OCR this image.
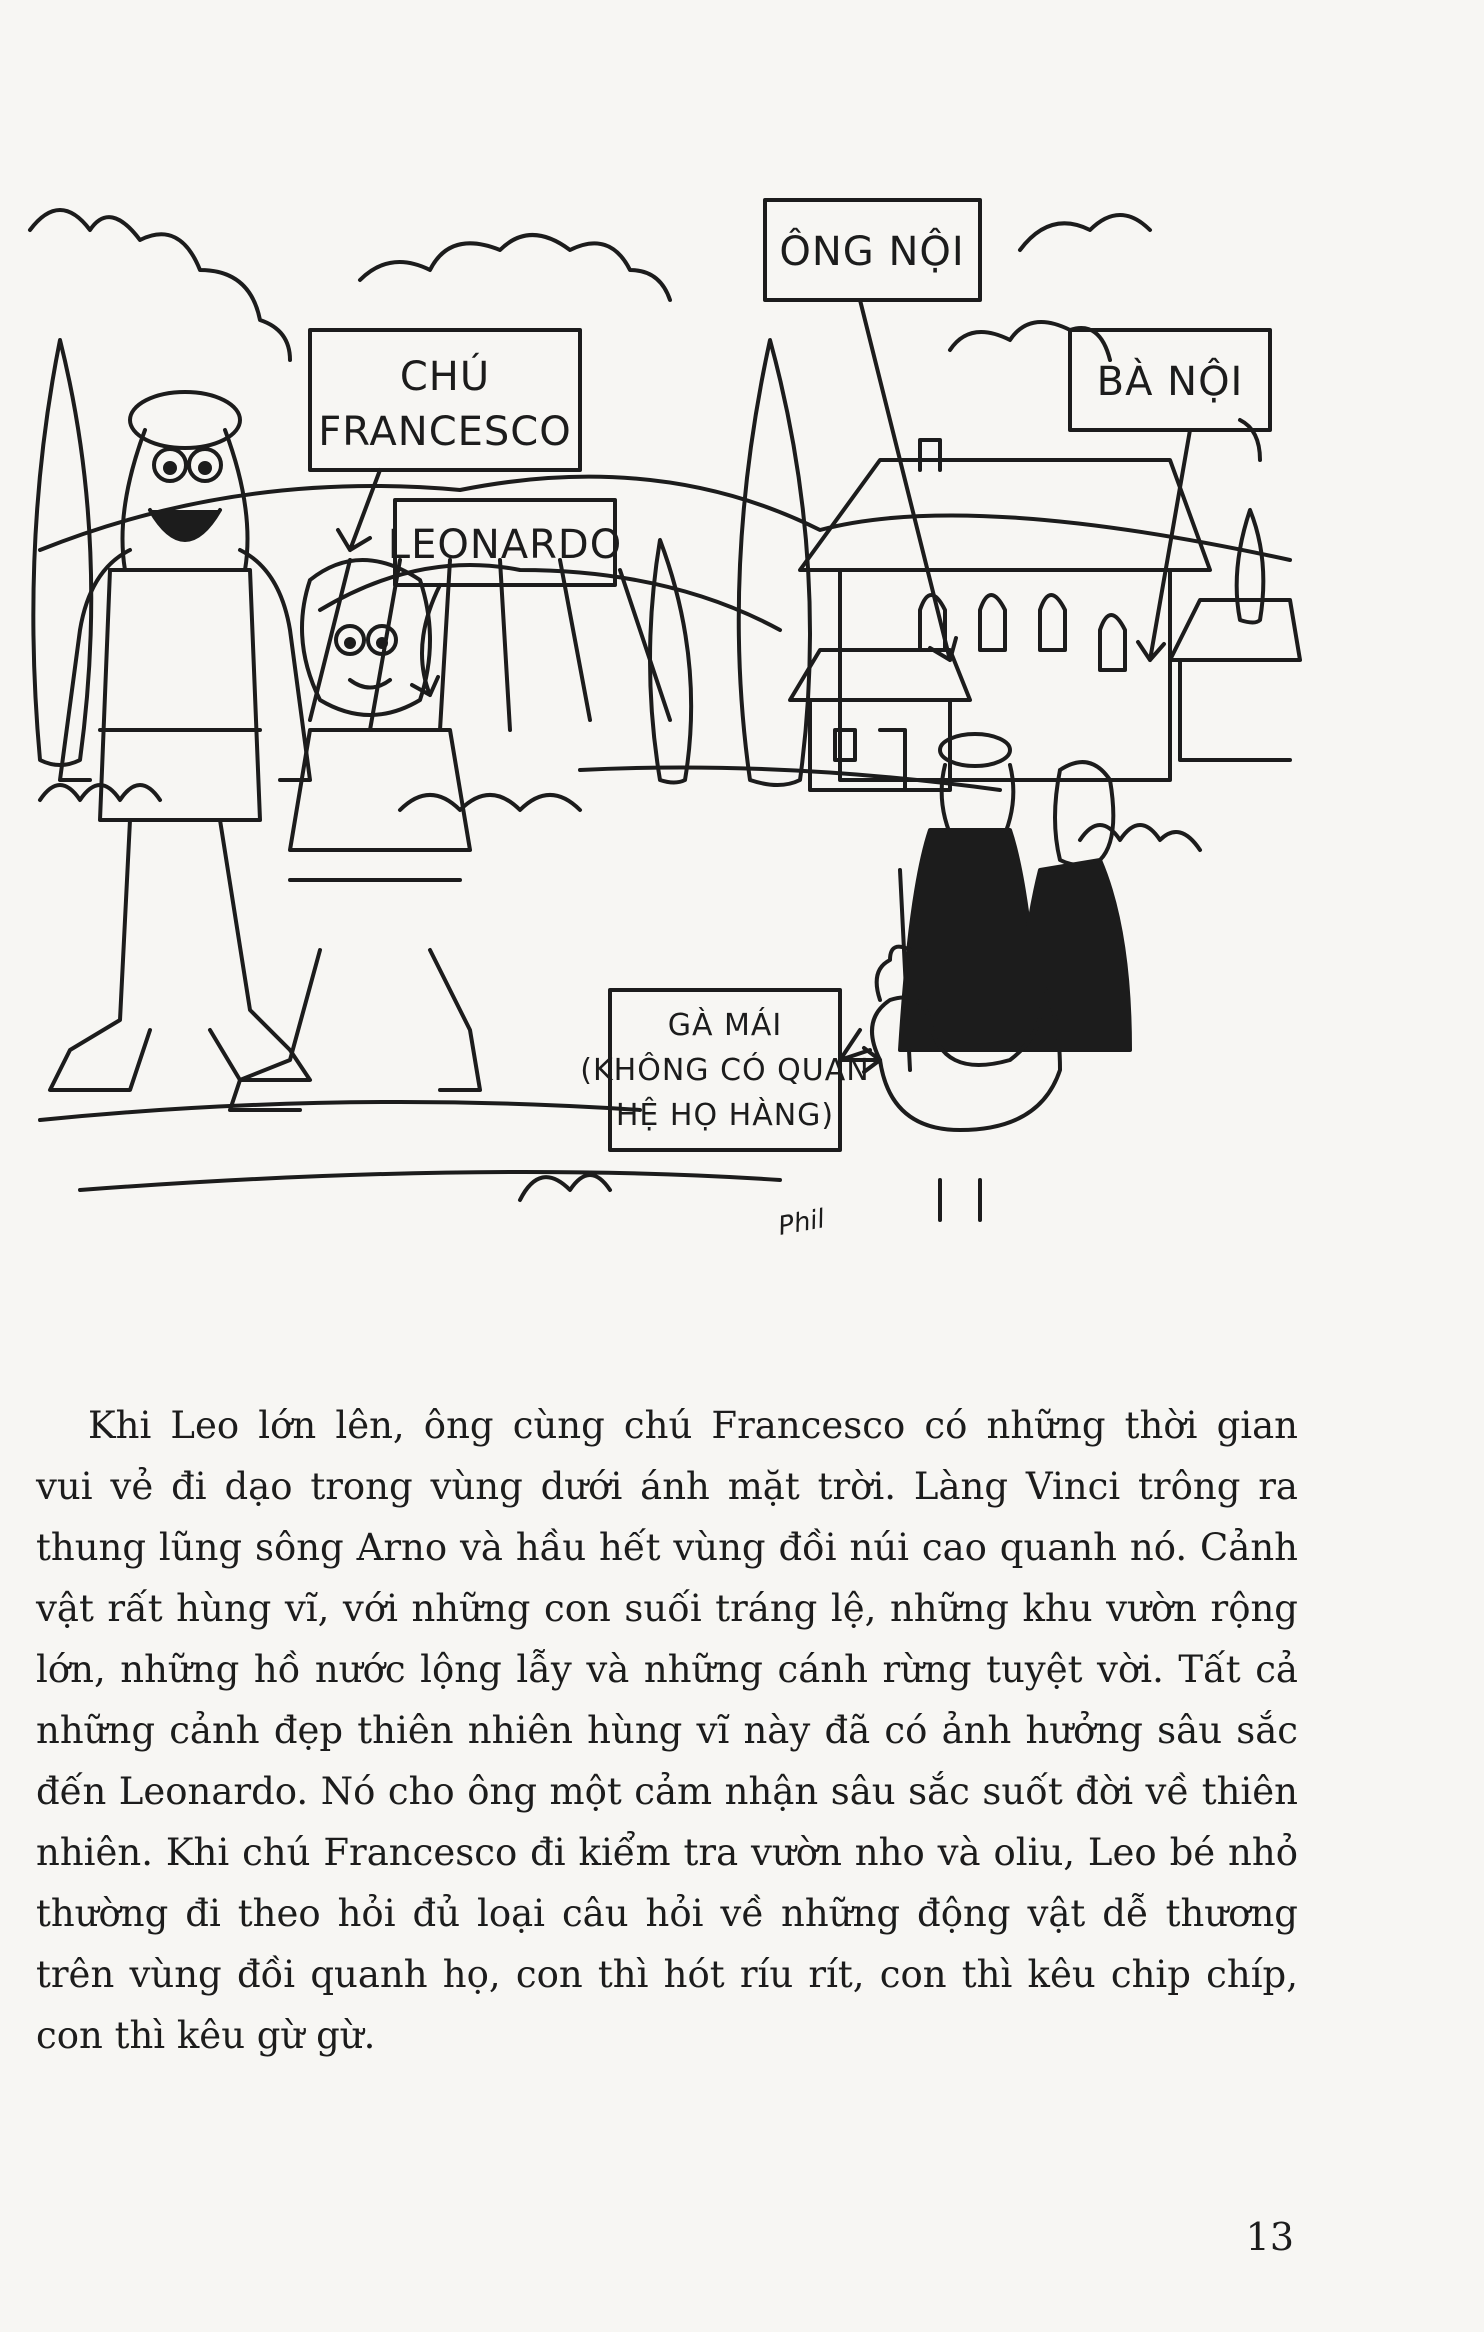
CHÚ
FRANCESCO
LEONARDO
ÔNG NỘI
BÀ NỘI
GÀ MÁI
(KHÔNG CÓ QUAN
HỆ HỌ HÀNG)
Phil

Khi Leo lớn lên, ông cùng chú Francesco có những thời gian
vui vẻ đi dạo trong vùng dưới ánh mặt trời. Làng Vinci trông ra
thung lũng sông Arno và hầu hết vùng đồi núi cao quanh nó. Cảnh
vật rất hùng vĩ, với những con suối tráng lệ, những khu vườn rộng
lớn, những hồ nước lộng lẫy và những cánh rừng tuyệt vời. Tất cả
những cảnh đẹp thiên nhiên hùng vĩ này đã có ảnh hưởng sâu sắc
đến Leonardo. Nó cho ông một cảm nhận sâu sắc suốt đời về thiên
nhiên. Khi chú Francesco đi kiểm tra vườn nho và oliu, Leo bé nhỏ
thường đi theo hỏi đủ loại câu hỏi về những động vật dễ thương
trên vùng đồi quanh họ, con thì hót ríu rít, con thì kêu chip chíp,
con thì kêu gừ gừ.

13
